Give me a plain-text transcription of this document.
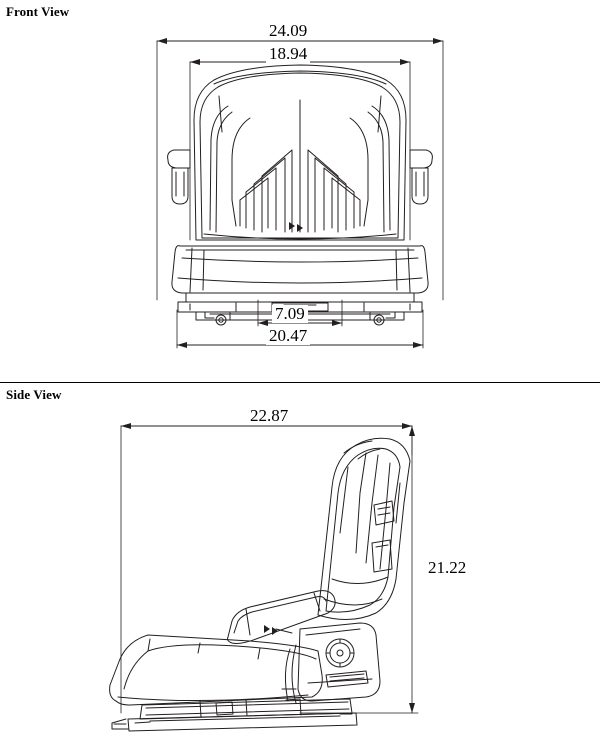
Front View
24.09
18.94
7.09
20.47
Side View
22.87
21.22
